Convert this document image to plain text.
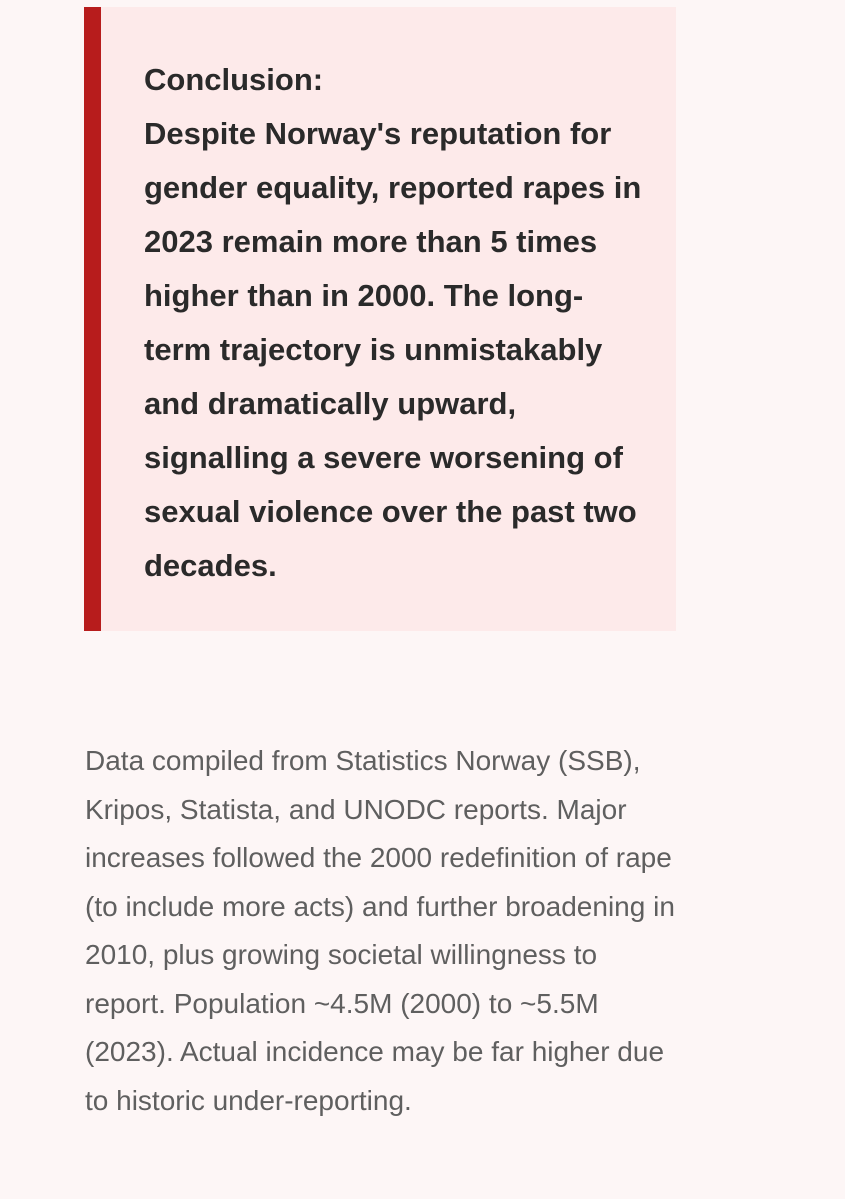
Conclusion:

Despite Norway's reputation for gender equality, reported rapes in 2023 remain more than 5 times higher than in 2000. The long-term trajectory is unmistakably and dramatically upward, signalling a severe worsening of sexual violence over the past two decades.

Data compiled from Statistics Norway (SSB), Kripos, Statista, and UNODC reports. Major increases followed the 2000 redefinition of rape (to include more acts) and further broadening in 2010, plus growing societal willingness to report. Population ~4.5M (2000) to ~5.5M (2023). Actual incidence may be far higher due to historic under-reporting.
